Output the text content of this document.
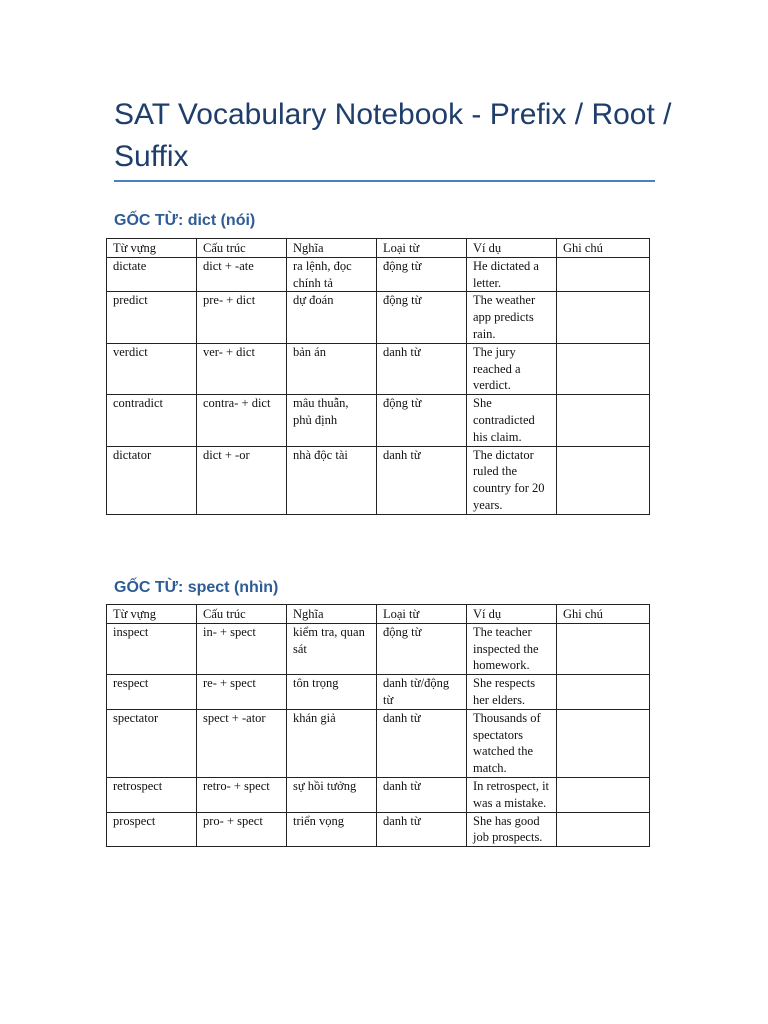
SAT Vocabulary Notebook - Prefix / Root / Suffix
GỐC TỪ: dict (nói)
Từ vựng	Cấu trúc	Nghĩa	Loại từ	Ví dụ	Ghi chú
dictate	dict + -ate	ra lệnh, đọc chính tả	động từ	He dictated a letter.	
predict	pre- + dict	dự đoán	động từ	The weather app predicts rain.	
verdict	ver- + dict	bản án	danh từ	The jury reached a verdict.	
contradict	contra- + dict	mâu thuẫn, phủ định	động từ	She contradicted his claim.	
dictator	dict + -or	nhà độc tài	danh từ	The dictator ruled the country for 20 years.	
GỐC TỪ: spect (nhìn)
Từ vựng	Cấu trúc	Nghĩa	Loại từ	Ví dụ	Ghi chú
inspect	in- + spect	kiểm tra, quan sát	động từ	The teacher inspected the homework.	
respect	re- + spect	tôn trọng	danh từ/động từ	She respects her elders.	
spectator	spect + -ator	khán giả	danh từ	Thousands of spectators watched the match.	
retrospect	retro- + spect	sự hồi tưởng	danh từ	In retrospect, it was a mistake.	
prospect	pro- + spect	triển vọng	danh từ	She has good job prospects.	
